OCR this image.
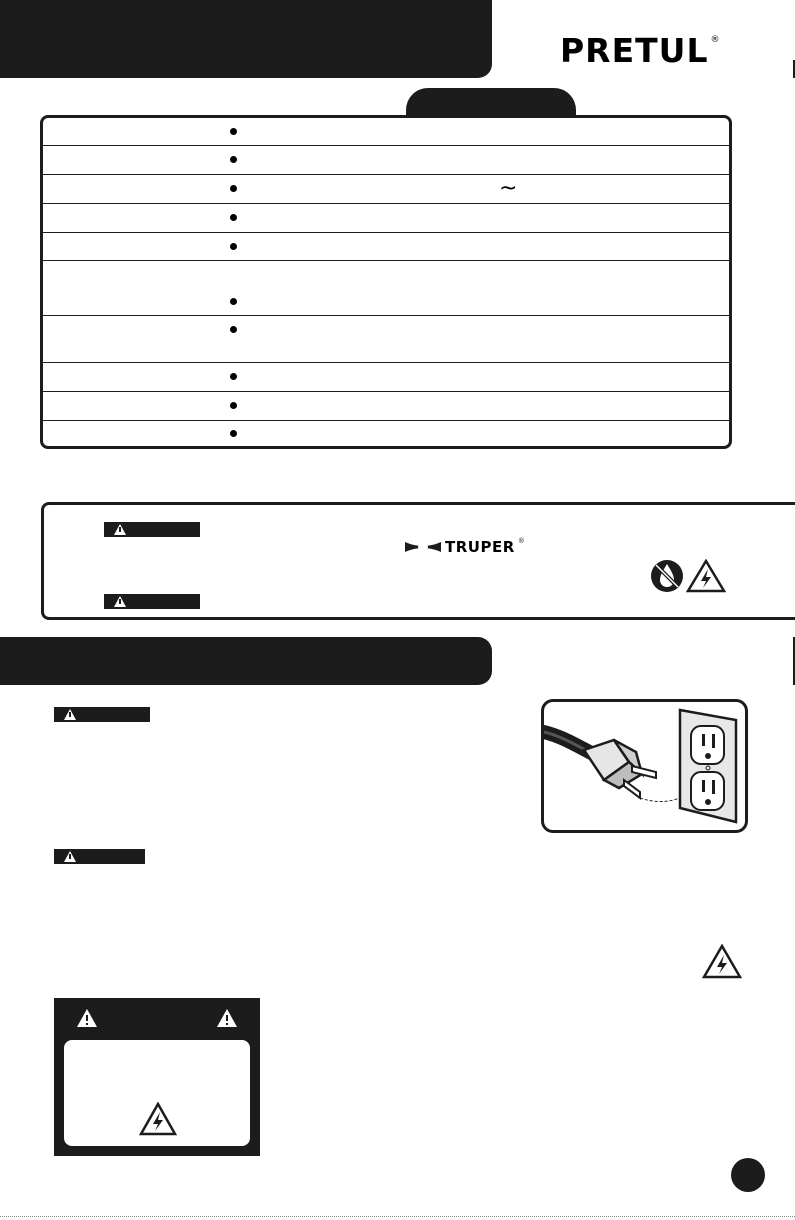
PRETUL ®
~
TRUPER ®
